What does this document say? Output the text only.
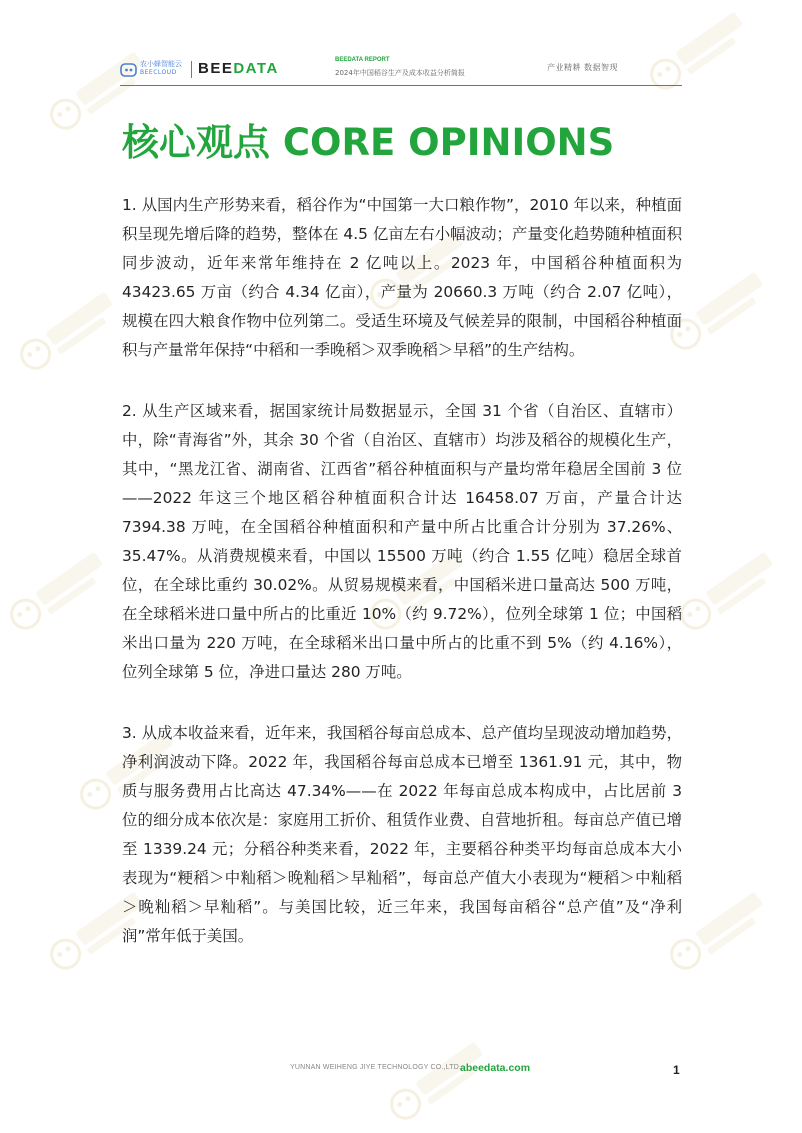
农小蜂智能云
BEECLOUD BEEDATA	BEEDATA REPORT
2024年中国稻谷生产及成本收益分析简报
产业精耕 数据智现
核心观点 CORE OPINIONS

1. 从国内生产形势来看，稻谷作为“中国第一大口粮作物”，2010 年以来，种植面积呈现先增后降的趋势，整体在 4.5 亿亩左右小幅波动；产量变化趋势随种植面积同步波动，近年来常年维持在 2 亿吨以上。2023 年，中国稻谷种植面积为 43423.65 万亩（约合 4.34 亿亩），产量为 20660.3 万吨（约合 2.07 亿吨），规模在四大粮食作物中位列第二。受适生环境及气候差异的限制，中国稻谷种植面积与产量常年保持“中稻和一季晚稻＞双季晚稻＞早稻”的生产结构。

2. 从生产区域来看，据国家统计局数据显示，全国 31 个省（自治区、直辖市）中，除“青海省”外，其余 30 个省（自治区、直辖市）均涉及稻谷的规模化生产，其中，“黑龙江省、湖南省、江西省”稻谷种植面积与产量均常年稳居全国前 3 位——2022 年这三个地区稻谷种植面积合计达 16458.07 万亩，产量合计达 7394.38 万吨，在全国稻谷种植面积和产量中所占比重合计分别为 37.26%、35.47%。从消费规模来看，中国以 15500 万吨（约合 1.55 亿吨）稳居全球首位，在全球比重约 30.02%。从贸易规模来看，中国稻米进口量高达 500 万吨，在全球稻米进口量中所占的比重近 10%（约 9.72%），位列全球第 1 位；中国稻米出口量为 220 万吨，在全球稻米出口量中所占的比重不到 5%（约 4.16%），位列全球第 5 位，净进口量达 280 万吨。

3. 从成本收益来看，近年来，我国稻谷每亩总成本、总产值均呈现波动增加趋势，净利润波动下降。2022 年，我国稻谷每亩总成本已增至 1361.91 元，其中，物质与服务费用占比高达 47.34%——在 2022 年每亩总成本构成中，占比居前 3 位的细分成本依次是：家庭用工折价、租赁作业费、自营地折租。每亩总产值已增至 1339.24 元；分稻谷种类来看，2022 年，主要稻谷种类平均每亩总成本大小表现为“粳稻＞中籼稻＞晚籼稻＞早籼稻”，每亩总产值大小表现为“粳稻＞中籼稻＞晚籼稻＞早籼稻”。与美国比较，近三年来，我国每亩稻谷“总产值”及“净利润”常年低于美国。

YUNNAN WEIHENG JIYE TECHNOLOGY CO.,LTD.
abeedata.com	1
